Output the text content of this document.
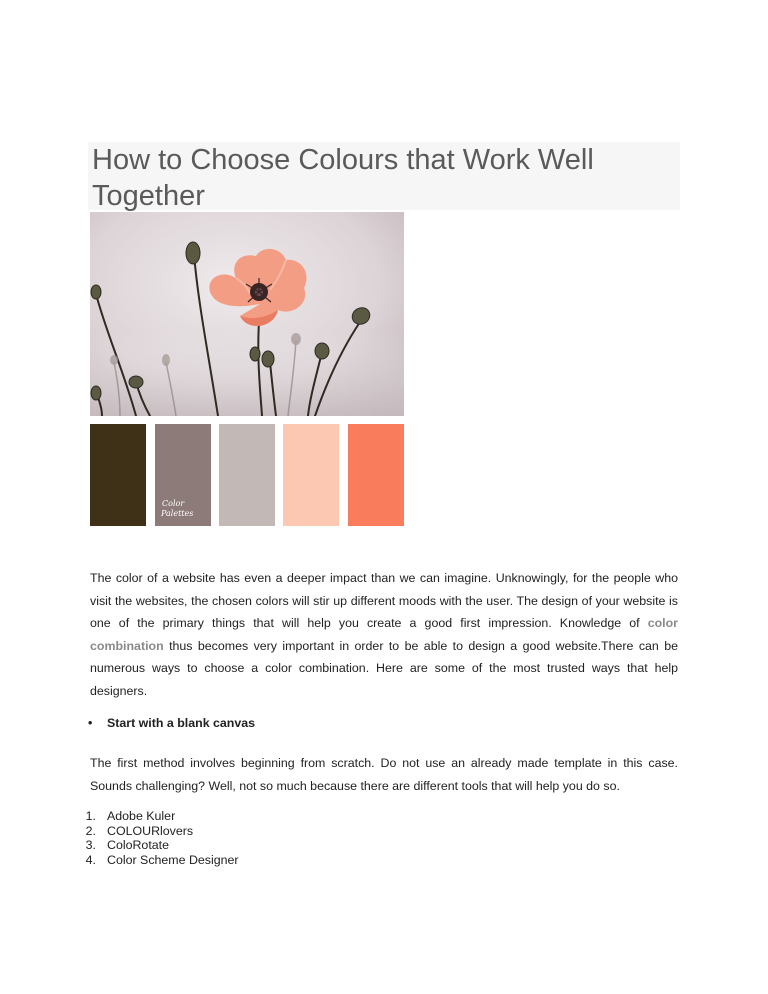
How to Choose Colours that Work Well Together
Color
Palettes

The color of a website has even a deeper impact than we can imagine. Unknowingly, for the people who visit the websites, the chosen colors will stir up different moods with the user. The design of your website is one of the primary things that will help you create a good first impression. Knowledge of color combination thus becomes very important in order to be able to design a good website.There can be numerous ways to choose a color combination. Here are some of the most trusted ways that help designers.

• Start with a blank canvas

The first method involves beginning from scratch. Do not use an already made template in this case. Sounds challenging? Well, not so much because there are different tools that will help you do so.

1. Adobe Kuler
2. COLOURlovers
3. ColoRotate
4. Color Scheme Designer
